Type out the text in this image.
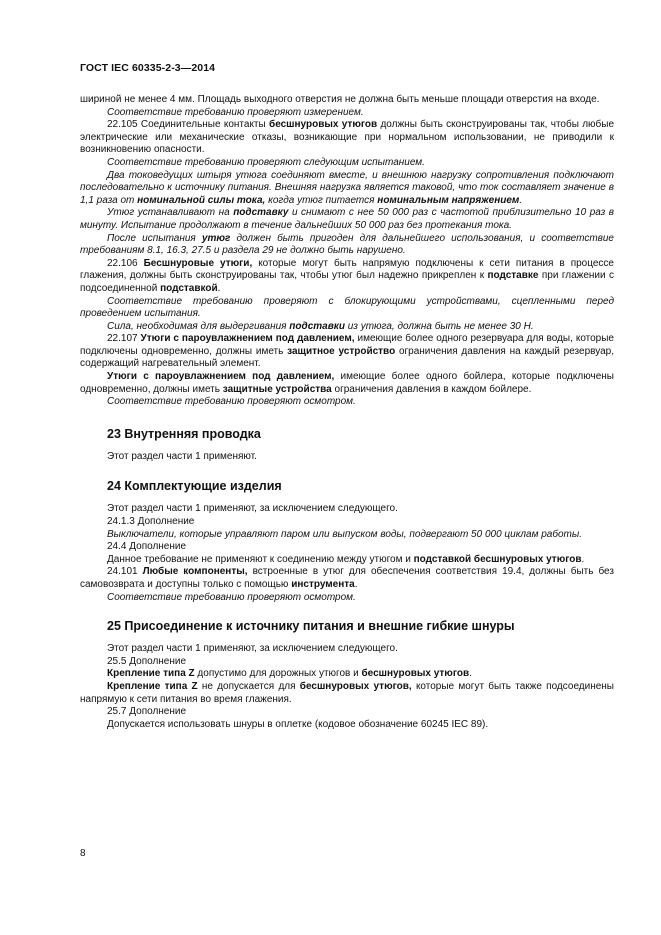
ГОСТ IEC 60335-2-3—2014

шириной не менее 4 мм. Площадь выходного отверстия не должна быть меньше площади отверстия на входе.

Соответствие требованию проверяют измерением.

22.105 Соединительные контакты бесшнуровых утюгов должны быть сконструированы так, чтобы любые электрические или механические отказы, возникающие при нормальном использовании, не приводили к возникновению опасности.

Соответствие требованию проверяют следующим испытанием.

Два токоведущих штыря утюга соединяют вместе, и внешнюю нагрузку сопротивления подключают последовательно к источнику питания. Внешняя нагрузка является таковой, что ток составляет значение в 1,1 раза от номинальной силы тока, когда утюг питается номинальным напряжением.

Утюг устанавливают на подставку и снимают с нее 50 000 раз с частотой приблизительно 10 раз в минуту. Испытание продолжают в течение дальнейших 50 000 раз без протекания тока.

После испытания утюг должен быть пригоден для дальнейшего использования, и соответствие требованиям 8.1, 16.3, 27.5 и раздела 29 не должно быть нарушено.

22.106 Бесшнуровые утюги, которые могут быть напрямую подключены к сети питания в процессе глажения, должны быть сконструированы так, чтобы утюг был надежно прикреплен к подставке при глажении с подсоединенной подставкой.

Соответствие требованию проверяют с блокирующими устройствами, сцепленными перед проведением испытания.

Сила, необходимая для выдергивания подставки из утюга, должна быть не менее 30 Н.

22.107 Утюги с пароувлажнением под давлением, имеющие более одного резервуара для воды, которые подключены одновременно, должны иметь защитное устройство ограничения давления на каждый резервуар, содержащий нагревательный элемент.

Утюги с пароувлажнением под давлением, имеющие более одного бойлера, которые подключены одновременно, должны иметь защитные устройства ограничения давления в каждом бойлере.

Соответствие требованию проверяют осмотром.

23 Внутренняя проводка

Этот раздел части 1 применяют.

24 Комплектующие изделия

Этот раздел части 1 применяют, за исключением следующего.

24.1.3 Дополнение

Выключатели, которые управляют паром или выпуском воды, подвергают 50 000 циклам работы.

24.4 Дополнение

Данное требование не применяют к соединению между утюгом и подставкой бесшнуровых утюгов.

24.101 Любые компоненты, встроенные в утюг для обеспечения соответствия 19.4, должны быть без самовозврата и доступны только с помощью инструмента.

Соответствие требованию проверяют осмотром.

25 Присоединение к источнику питания и внешние гибкие шнуры

Этот раздел части 1 применяют, за исключением следующего.

25.5 Дополнение

Крепление типа Z допустимо для дорожных утюгов и бесшнуровых утюгов.

Крепление типа Z не допускается для бесшнуровых утюгов, которые могут быть также подсоединены напрямую к сети питания во время глажения.

25.7 Дополнение

Допускается использовать шнуры в оплетке (кодовое обозначение 60245 IEC 89).

8
